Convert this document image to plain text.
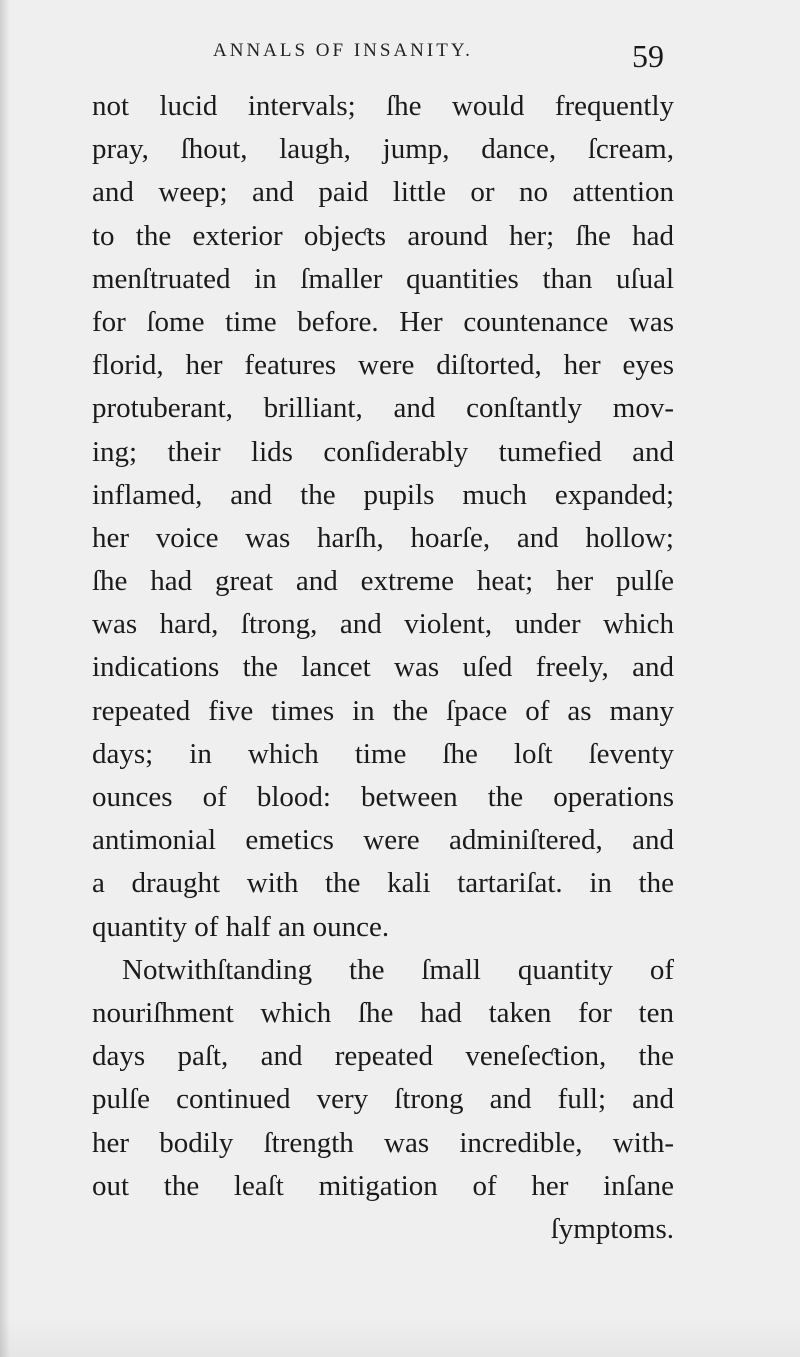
ANNALS OF INSANITY.	59
not lucid intervals; ſhe would frequently
pray, ſhout, laugh, jump, dance, ſcream,
and weep; and paid little or no attention
to the exterior objeƈts around her; ſhe had
menſtruated in ſmaller quantities than uſual
for ſome time before. Her countenance was
florid, her features were diſtorted, her eyes
protuberant, brilliant, and conſtantly mov-
ing; their lids conſiderably tumefied and
inflamed, and the pupils much expanded;
her voice was harſh, hoarſe, and hollow;
ſhe had great and extreme heat; her pulſe
was hard, ſtrong, and violent, under which
indications the lancet was uſed freely, and
repeated five times in the ſpace of as many
days; in which time ſhe loſt ſeventy
ounces of blood: between the operations
antimonial emetics were adminiſtered, and
a draught with the kali tartariſat. in the
quantity of half an ounce.
Notwithſtanding the ſmall quantity of
nouriſhment which ſhe had taken for ten
days paſt, and repeated veneſeƈtion, the
pulſe continued very ſtrong and full; and
her bodily ſtrength was incredible, with-
out the leaſt mitigation of her inſane
ſymptoms.
